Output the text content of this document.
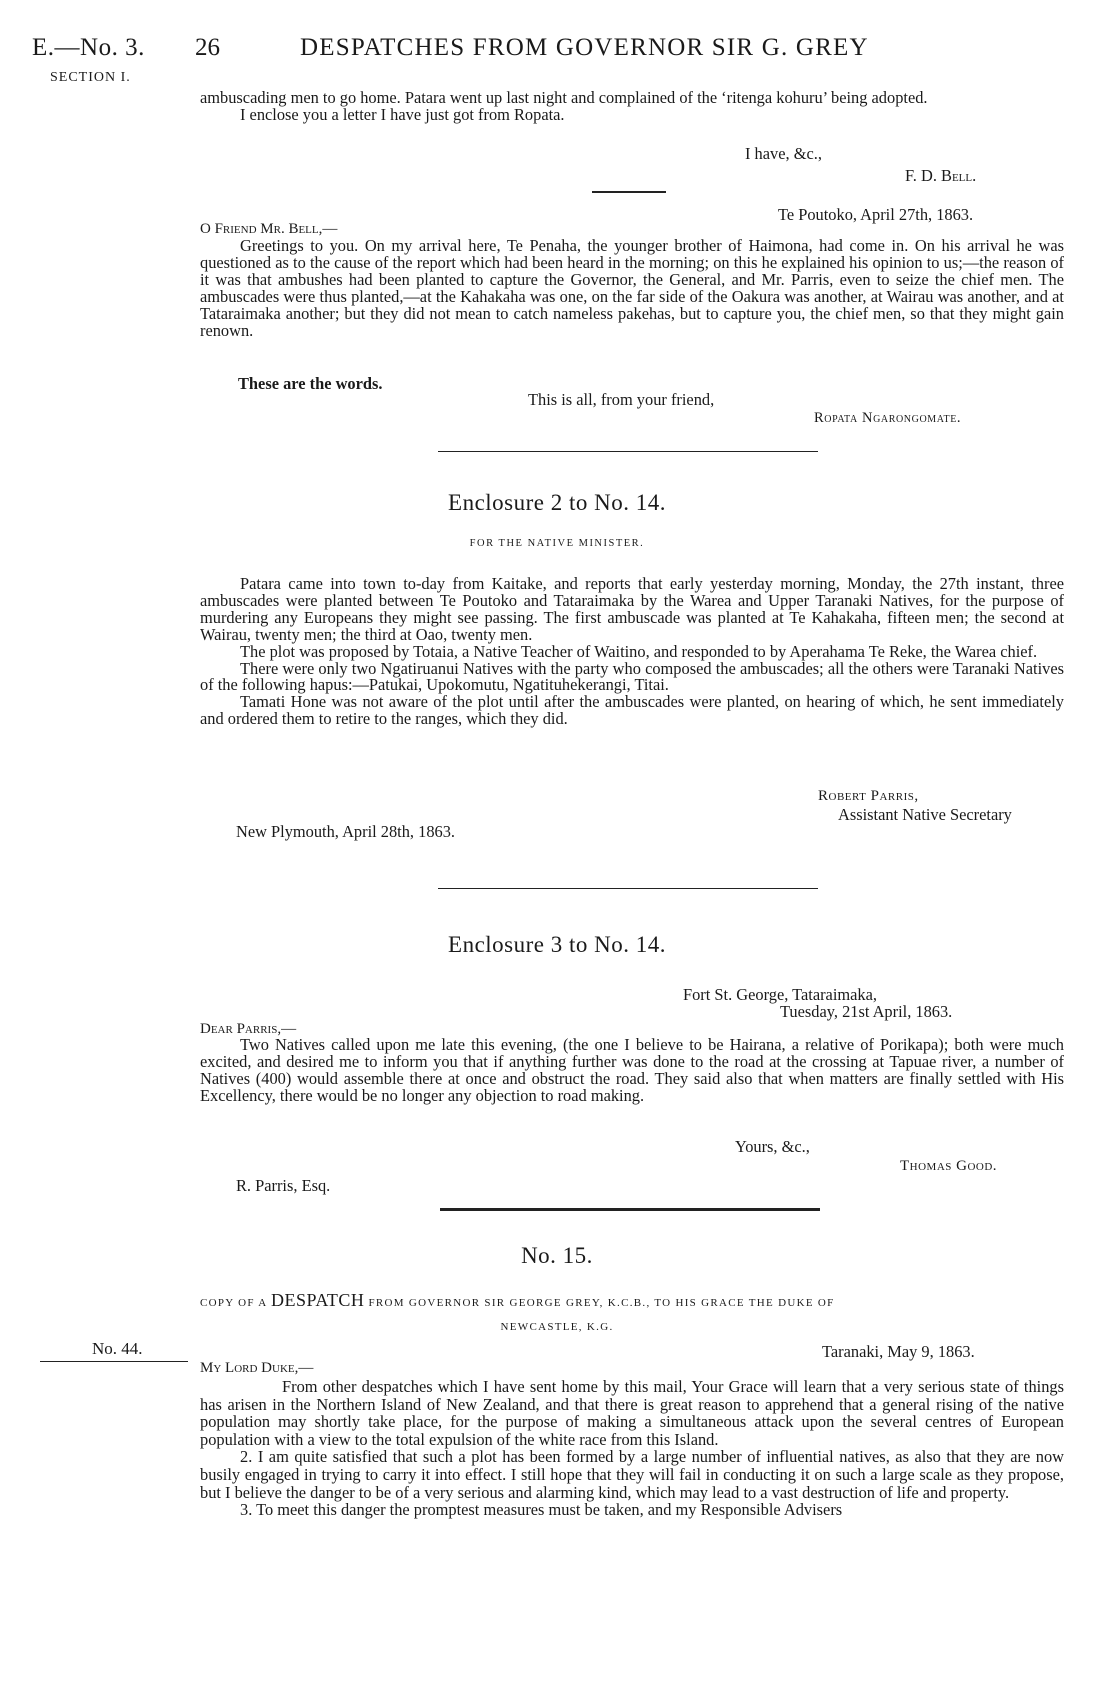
E.—No. 3.
SECTION I.
26	DESPATCHES FROM GOVERNOR SIR G. GREY

ambuscading men to go home. Patara went up last night and complained of the ‘ritenga kohuru’ being adopted.

I enclose you a letter I have just got from Ropata.

I have, &c.,
F. D. Bell.
Te Poutoko, April 27th, 1863.
O Friend Mr. Bell,—
Greetings to you. On my arrival here, Te Penaha, the younger brother of Haimona, had come in. On his arrival he was questioned as to the cause of the report which had been heard in the morning; on this he explained his opinion to us;—the reason of it was that ambushes had been planted to capture the Governor, the General, and Mr. Parris, even to seize the chief men. The ambuscades were thus planted,—at the Kahakaha was one, on the far side of the Oakura was another, at Wairau was another, and at Tataraimaka another; but they did not mean to catch nameless pakehas, but to capture you, the chief men, so that they might gain renown.
These are the words.
This is all, from your friend,
Ropata Ngarongomate.
Enclosure 2 to No. 14.
FOR THE NATIVE MINISTER.

Patara came into town to-day from Kaitake, and reports that early yesterday morning, Monday, the 27th instant, three ambuscades were planted between Te Poutoko and Tataraimaka by the Warea and Upper Taranaki Natives, for the purpose of murdering any Europeans they might see passing. The first ambuscade was planted at Te Kahakaha, fifteen men; the second at Wairau, twenty men; the third at Oao, twenty men.

The plot was proposed by Totaia, a Native Teacher of Waitino, and responded to by Aperahama Te Reke, the Warea chief.

There were only two Ngatiruanui Natives with the party who composed the ambuscades; all the others were Taranaki Natives of the following hapus:—Patukai, Upokomutu, Ngatituhekerangi, Titai.

Tamati Hone was not aware of the plot until after the ambuscades were planted, on hearing of which, he sent immediately and ordered them to retire to the ranges, which they did.

Robert Parris,
Assistant Native Secretary
New Plymouth, April 28th, 1863.
Enclosure 3 to No. 14.
Fort St. George, Tataraimaka,
Tuesday, 21st April, 1863.
Dear Parris,—
Two Natives called upon me late this evening, (the one I believe to be Hairana, a relative of Porikapa); both were much excited, and desired me to inform you that if anything further was done to the road at the crossing at Tapuae river, a number of Natives (400) would assemble there at once and obstruct the road. They said also that when matters are finally settled with His Excellency, there would be no longer any objection to road making.
Yours, &c.,
Thomas Good.
R. Parris, Esq.
No. 15.
COPY OF A DESPATCH FROM GOVERNOR SIR GEORGE GREY, K.C.B., TO HIS GRACE THE DUKE OF
NEWCASTLE, K.G.
No. 44.	Taranaki, May 9, 1863.
My Lord Duke,—

From other despatches which I have sent home by this mail, Your Grace will learn that a very serious state of things has arisen in the Northern Island of New Zealand, and that there is great reason to apprehend that a general rising of the native population may shortly take place, for the purpose of making a simultaneous attack upon the several centres of European population with a view to the total expulsion of the white race from this Island.

2. I am quite satisfied that such a plot has been formed by a large number of influential natives, as also that they are now busily engaged in trying to carry it into effect. I still hope that they will fail in conducting it on such a large scale as they propose, but I believe the danger to be of a very serious and alarming kind, which may lead to a vast destruction of life and property.

3. To meet this danger the promptest measures must be taken, and my Responsible Advisers
